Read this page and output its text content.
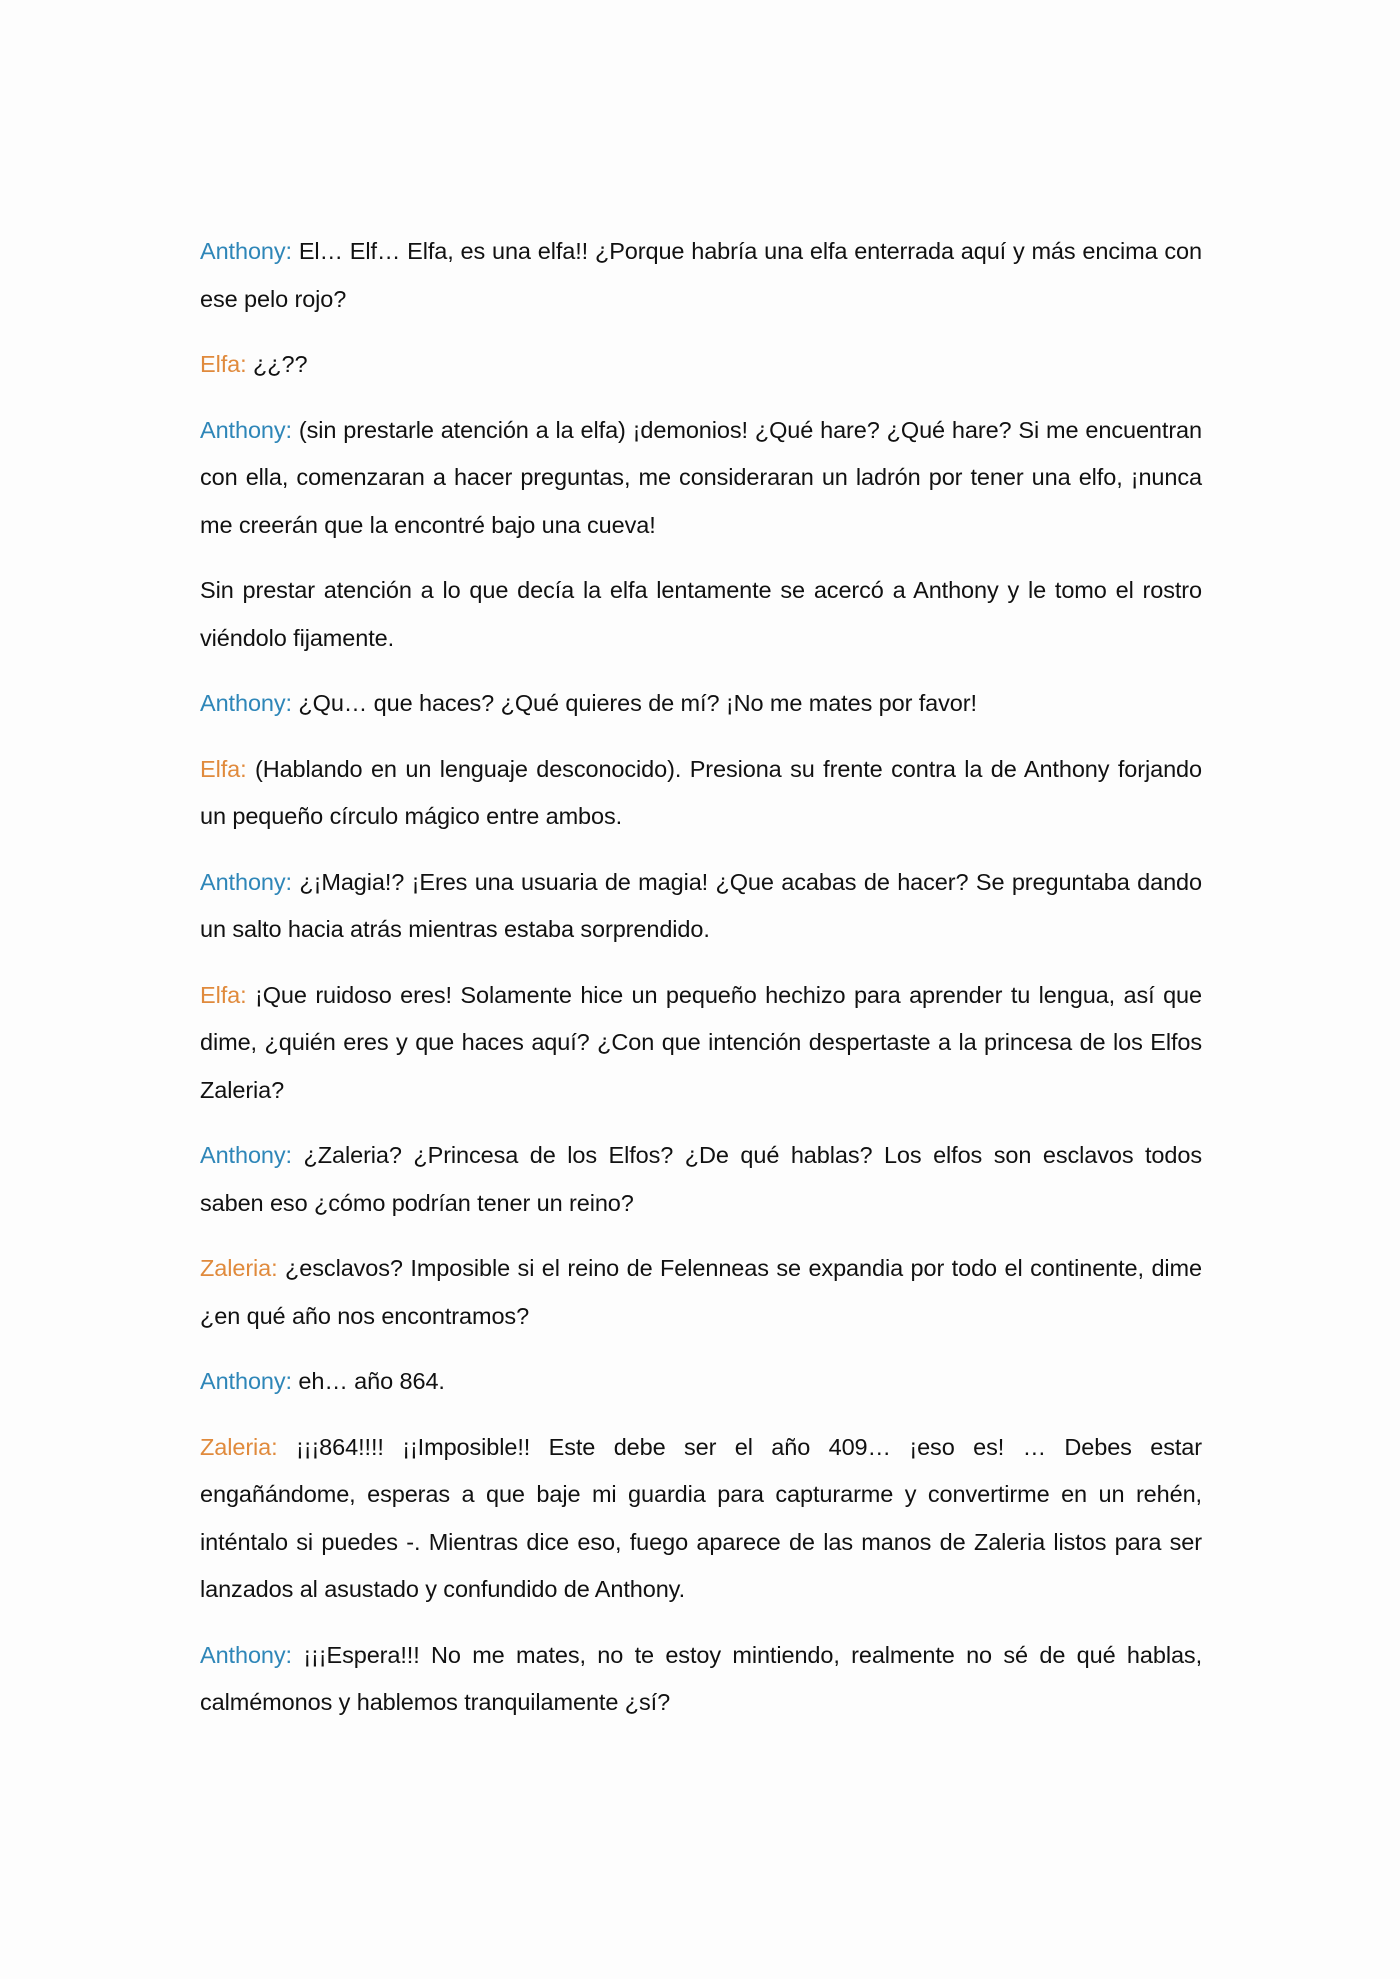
Anthony: El… Elf… Elfa, es una elfa!! ¿Porque habría una elfa enterrada aquí y más encima con ese pelo rojo?

Elfa: ¿¿??

Anthony: (sin prestarle atención a la elfa) ¡demonios! ¿Qué hare? ¿Qué hare? Si me encuentran con ella, comenzaran a hacer preguntas, me consideraran un ladrón por tener una elfo, ¡nunca me creerán que la encontré bajo una cueva!

Sin prestar atención a lo que decía la elfa lentamente se acercó a Anthony y le tomo el rostro viéndolo fijamente.

Anthony: ¿Qu… que haces? ¿Qué quieres de mí? ¡No me mates por favor!

Elfa: (Hablando en un lenguaje desconocido). Presiona su frente contra la de Anthony forjando un pequeño círculo mágico entre ambos.

Anthony: ¿¡Magia!? ¡Eres una usuaria de magia! ¿Que acabas de hacer? Se preguntaba dando un salto hacia atrás mientras estaba sorprendido.

Elfa: ¡Que ruidoso eres! Solamente hice un pequeño hechizo para aprender tu lengua, así que dime, ¿quién eres y que haces aquí? ¿Con que intención despertaste a la princesa de los Elfos Zaleria?

Anthony: ¿Zaleria? ¿Princesa de los Elfos? ¿De qué hablas? Los elfos son esclavos todos saben eso ¿cómo podrían tener un reino?

Zaleria: ¿esclavos? Imposible si el reino de Felenneas se expandia por todo el continente, dime ¿en qué año nos encontramos?

Anthony: eh… año 864.

Zaleria: ¡¡¡864!!!! ¡¡Imposible!! Este debe ser el año 409… ¡eso es! … Debes estar engañándome, esperas a que baje mi guardia para capturarme y convertirme en un rehén, inténtalo si puedes -. Mientras dice eso, fuego aparece de las manos de Zaleria listos para ser lanzados al asustado y confundido de Anthony.

Anthony: ¡¡¡Espera!!! No me mates, no te estoy mintiendo, realmente no sé de qué hablas, calmémonos y hablemos tranquilamente ¿sí?
